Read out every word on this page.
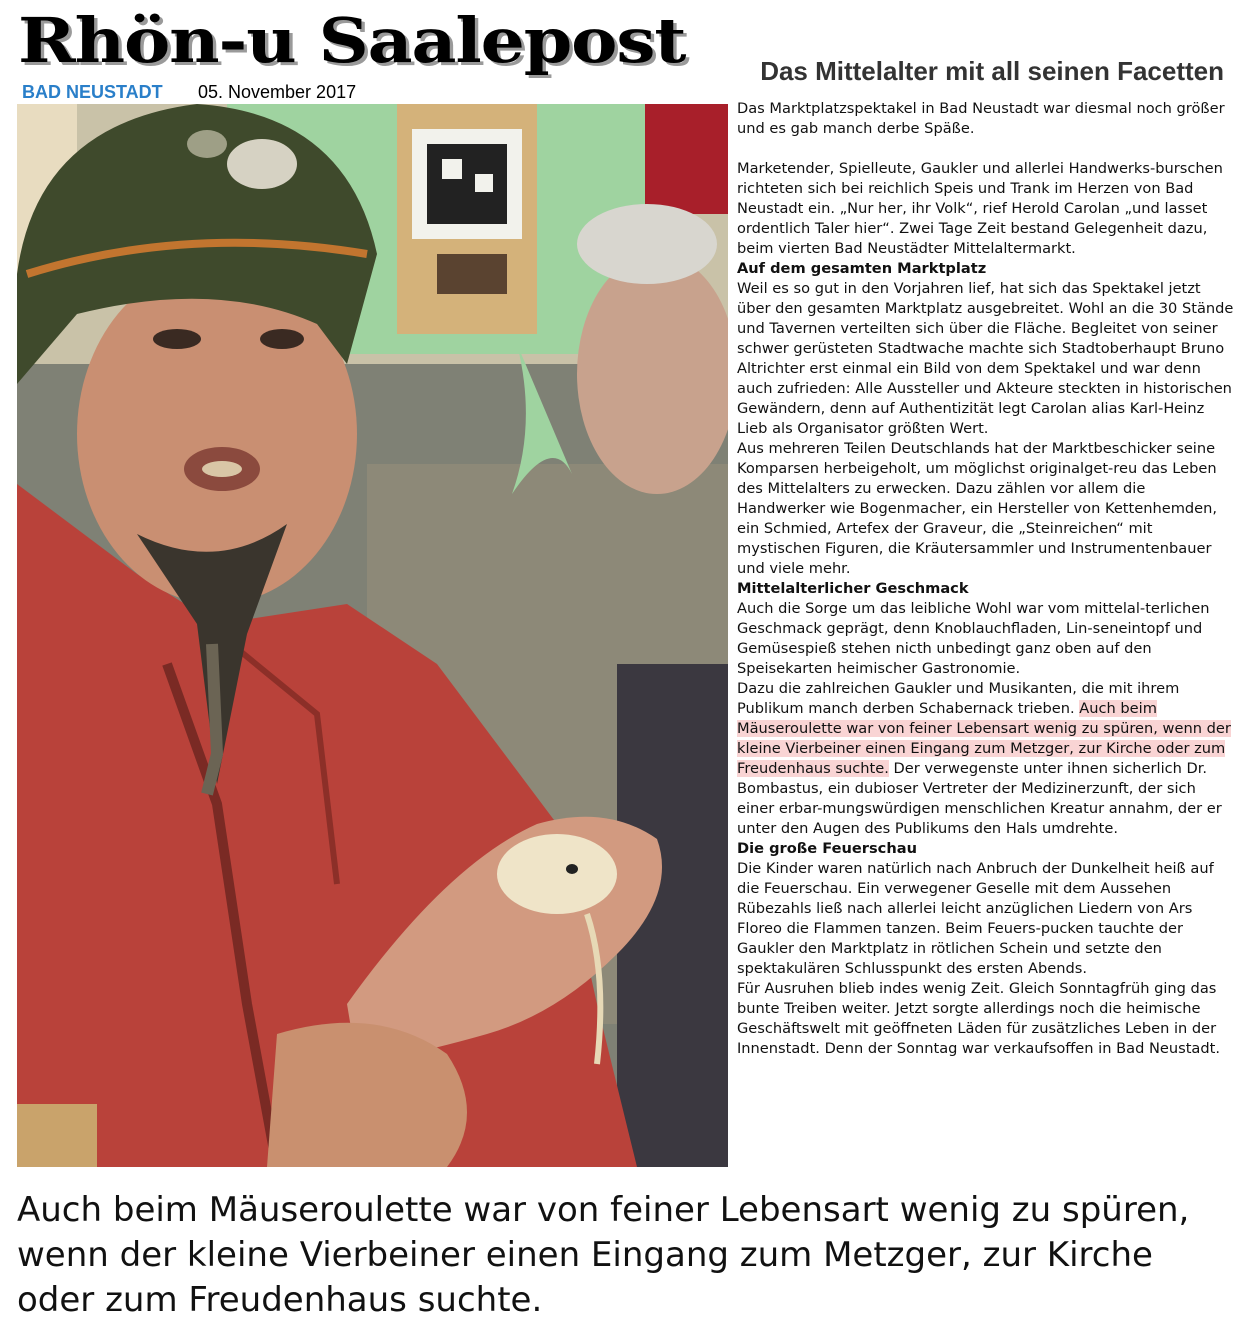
Rhön-u Saalepost
BAD NEUSTADT 05. November 2017
Das Mittelalter mit all seinen Facetten

Das Marktplatzspektakel in Bad Neustadt war diesmal noch größer und es gab manch derbe Späße.

Marketender, Spielleute, Gaukler und allerlei Handwerks-burschen richteten sich bei reichlich Speis und Trank im Herzen von Bad Neustadt ein. „Nur her, ihr Volk“, rief Herold Carolan „und lasset ordentlich Taler hier“. Zwei Tage Zeit bestand Gelegenheit dazu, beim vierten Bad Neustädter Mittelaltermarkt.

Auf dem gesamten Marktplatz

Weil es so gut in den Vorjahren lief, hat sich das Spektakel jetzt über den gesamten Marktplatz ausgebreitet. Wohl an die 30 Stände und Tavernen verteilten sich über die Fläche. Begleitet von seiner schwer gerüsteten Stadtwache machte sich Stadtoberhaupt Bruno Altrichter erst einmal ein Bild von dem Spektakel und war denn auch zufrieden: Alle Aussteller und Akteure steckten in historischen Gewändern, denn auf Authentizität legt Carolan alias Karl-Heinz Lieb als Organisator größten Wert.

Aus mehreren Teilen Deutschlands hat der Marktbeschicker seine Komparsen herbeigeholt, um möglichst originalget-reu das Leben des Mittelalters zu erwecken. Dazu zählen vor allem die Handwerker wie Bogenmacher, ein Hersteller von Kettenhemden, ein Schmied, Artefex der Graveur, die „Steinreichen“ mit mystischen Figuren, die Kräutersammler und Instrumentenbauer und viele mehr.

Mittelalterlicher Geschmack

Auch die Sorge um das leibliche Wohl war vom mittelal-terlichen Geschmack geprägt, denn Knoblauchfladen, Lin-seneintopf und Gemüsespieß stehen nicth unbedingt ganz oben auf den Speisekarten heimischer Gastronomie.

Dazu die zahlreichen Gaukler und Musikanten, die mit ihrem Publikum manch derben Schabernack trieben. Auch beim Mäuseroulette war von feiner Lebensart wenig zu spüren, wenn der kleine Vierbeiner einen Eingang zum Metzger, zur Kirche oder zum Freudenhaus suchte. Der verwegenste unter ihnen sicherlich Dr. Bombastus, ein dubioser Vertreter der Medizinerzunft, der sich einer erbar-mungswürdigen menschlichen Kreatur annahm, der er unter den Augen des Publikums den Hals umdrehte.

Die große Feuerschau

Die Kinder waren natürlich nach Anbruch der Dunkelheit heiß auf die Feuerschau. Ein verwegener Geselle mit dem Aussehen Rübezahls ließ nach allerlei leicht anzüglichen Liedern von Ars Floreo die Flammen tanzen. Beim Feuers-pucken tauchte der Gaukler den Marktplatz in rötlichen Schein und setzte den spektakulären Schlusspunkt des ersten Abends.

Für Ausruhen blieb indes wenig Zeit. Gleich Sonntagfrüh ging das bunte Treiben weiter. Jetzt sorgte allerdings noch die heimische Geschäftswelt mit geöffneten Läden für zusätzliches Leben in der Innenstadt. Denn der Sonntag war verkaufsoffen in Bad Neustadt.

Auch beim Mäuseroulette war von feiner Lebensart wenig zu spüren, wenn der kleine Vierbeiner einen Eingang zum Metzger, zur Kirche oder zum Freudenhaus suchte.
